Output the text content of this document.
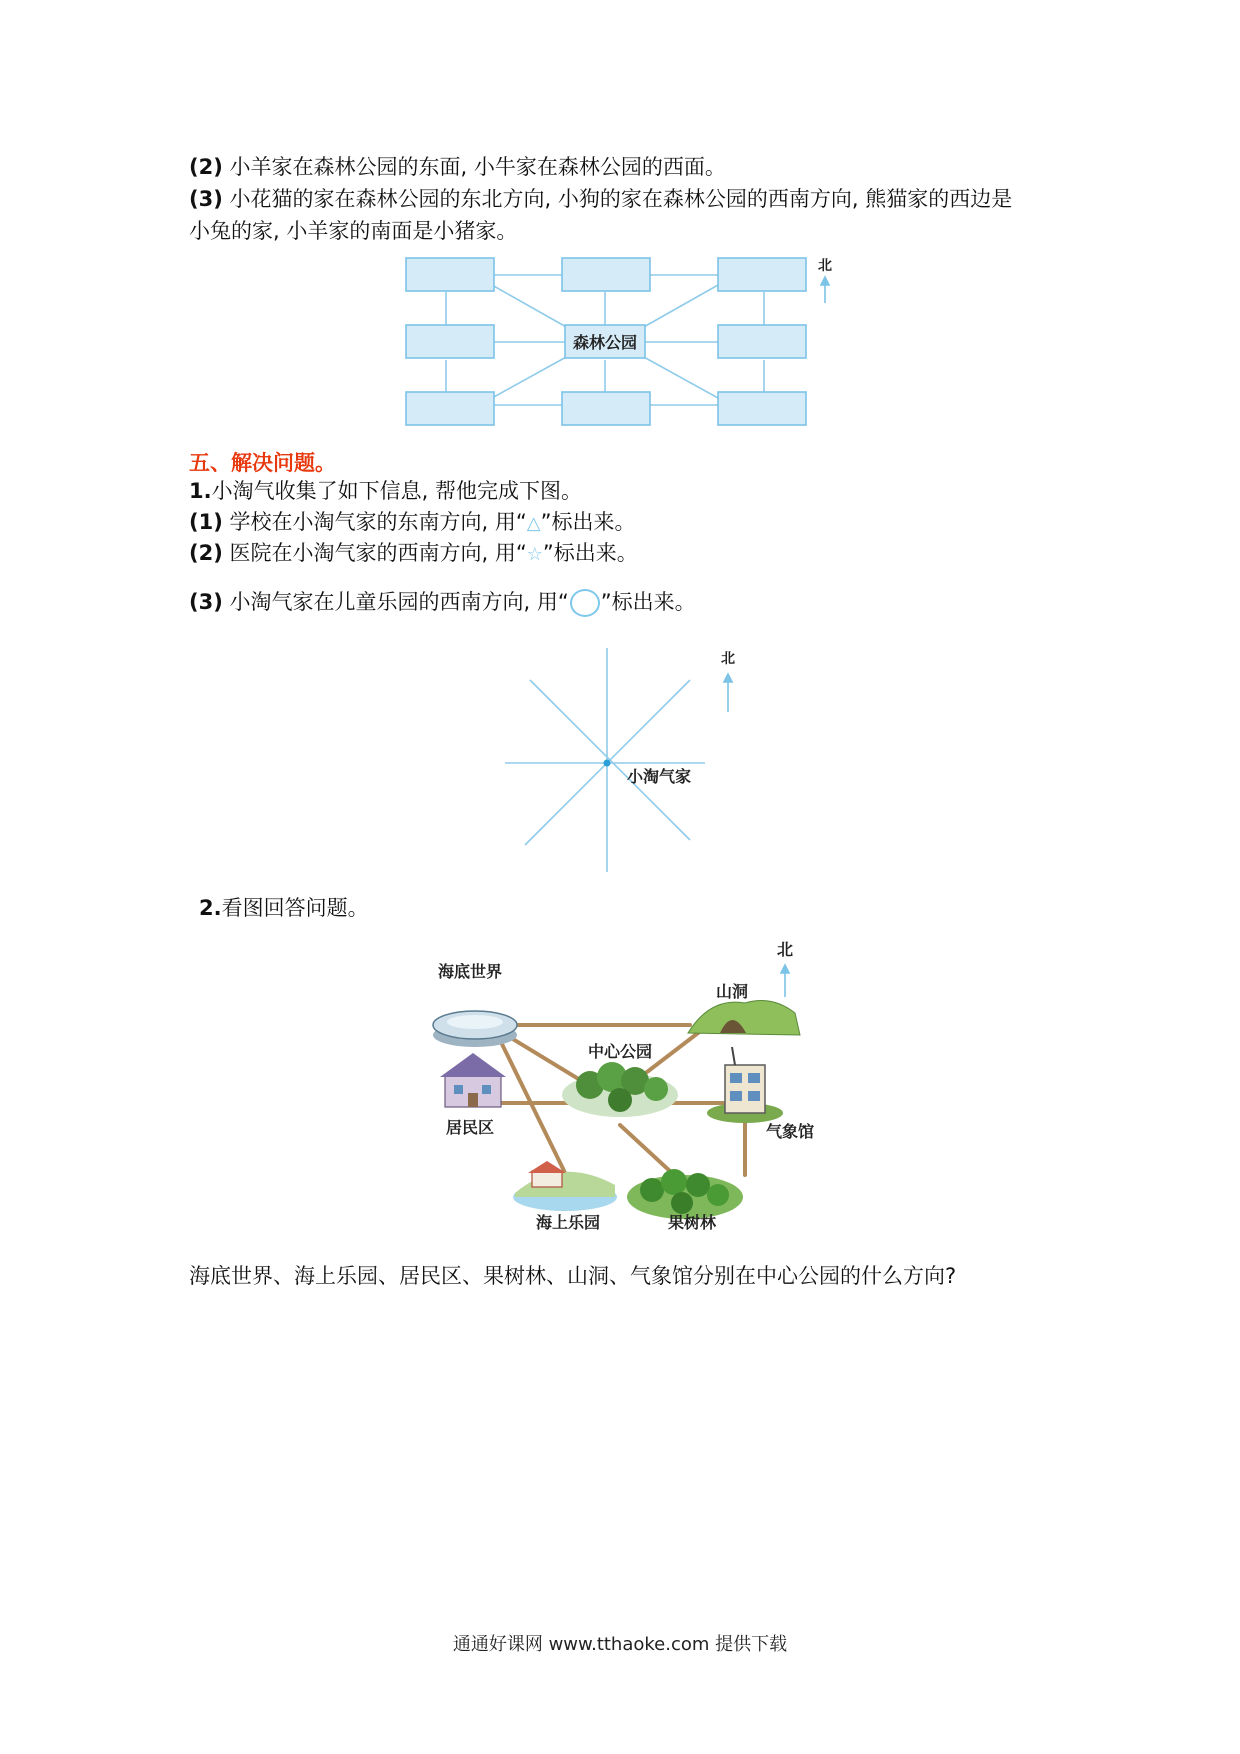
(2) 小羊家在森林公园的东面, 小牛家在森林公园的西面。
(3) 小花猫的家在森林公园的东北方向, 小狗的家在森林公园的西南方向, 熊猫家的西边是
小兔的家, 小羊家的南面是小猪家。
森林公园
北
五、解决问题。
1.小淘气收集了如下信息, 帮他完成下图。
(1) 学校在小淘气家的东南方向, 用“△”标出来。
(2) 医院在小淘气家的西南方向, 用“☆”标出来。
(3) 小淘气家在儿童乐园的西南方向, 用“ ”标出来。
小淘气家
北
2.看图回答问题。
海底世界
山洞
中心公园
居民区	气象馆
海上乐园	果树林
北
海底世界、海上乐园、居民区、果树林、山洞、气象馆分别在中心公园的什么方向?
通通好课网 www.tthaoke.com 提供下载
